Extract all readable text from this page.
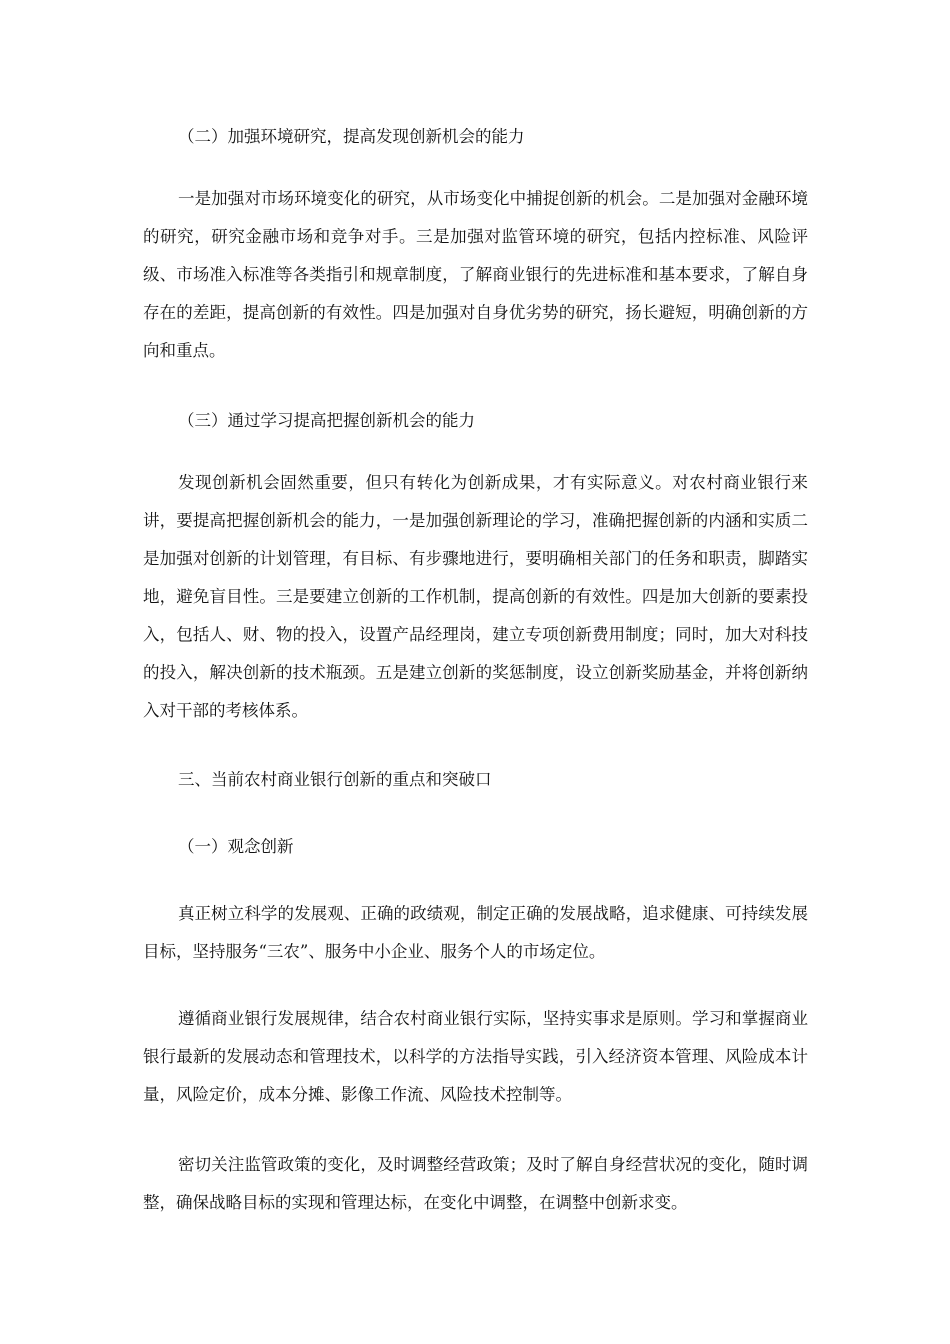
（二）加强环境研究，提高发现创新机会的能力

一是加强对市场环境变化的研究，从市场变化中捕捉创新的机会。二是加强对金融环境的研究，研究金融市场和竞争对手。三是加强对监管环境的研究，包括内控标准、风险评级、市场准入标准等各类指引和规章制度，了解商业银行的先进标准和基本要求，了解自身存在的差距，提高创新的有效性。四是加强对自身优劣势的研究，扬长避短，明确创新的方向和重点。

（三）通过学习提高把握创新机会的能力

发现创新机会固然重要，但只有转化为创新成果，才有实际意义。对农村商业银行来讲，要提高把握创新机会的能力，一是加强创新理论的学习，准确把握创新的内涵和实质二是加强对创新的计划管理，有目标、有步骤地进行，要明确相关部门的任务和职责，脚踏实地，避免盲目性。三是要建立创新的工作机制，提高创新的有效性。四是加大创新的要素投入，包括人、财、物的投入，设置产品经理岗，建立专项创新费用制度；同时，加大对科技的投入，解决创新的技术瓶颈。五是建立创新的奖惩制度，设立创新奖励基金，并将创新纳入对干部的考核体系。

三、当前农村商业银行创新的重点和突破口
（一）观念创新

真正树立科学的发展观、正确的政绩观，制定正确的发展战略，追求健康、可持续发展目标，坚持服务“三农”、服务中小企业、服务个人的市场定位。

遵循商业银行发展规律，结合农村商业银行实际，坚持实事求是原则。学习和掌握商业银行最新的发展动态和管理技术，以科学的方法指导实践，引入经济资本管理、风险成本计量，风险定价，成本分摊、影像工作流、风险技术控制等。

密切关注监管政策的变化，及时调整经营政策；及时了解自身经营状况的变化，随时调整，确保战略目标的实现和管理达标，在变化中调整，在调整中创新求变。
